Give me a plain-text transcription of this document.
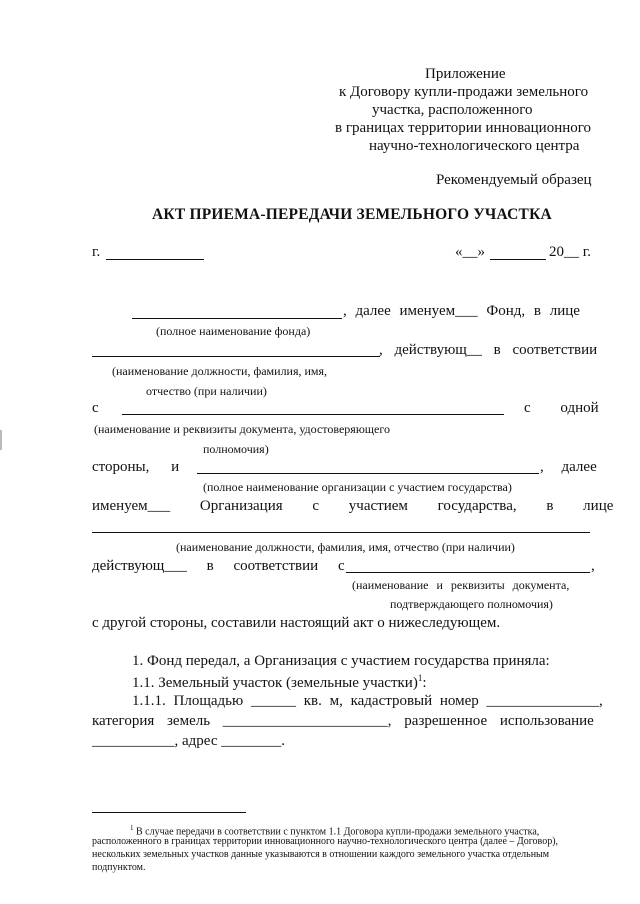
Приложение
к Договору купли-продажи земельного
участка, расположенного
в границах территории инновационного
научно-технологического центра
Рекомендуемый образец
АКТ ПРИЕМА-ПЕРЕДАЧИ ЗЕМЕЛЬНОГО УЧАСТКА
г.	«__»	20__ г.
, далее именуем___ Фонд, в лице
(полное наименование фонда)
, действующ__ в соответствии
(наименование должности, фамилия, имя,
отчество (при наличии)
с	с одной
(наименование и реквизиты документа, удостоверяющего
полномочия)
стороны, и	, далее
(полное наименование организации с участием государства)
именуем___ Организация с участием государства, в лице
(наименование должности, фамилия, имя, отчество (при наличии)
действующ___ в соответствии с	,
(наименование и реквизиты документа,
подтверждающего полномочия)
с другой стороны, составили настоящий акт о нижеследующем.
1. Фонд передал, а Организация с участием государства приняла:
1.1. Земельный участок (земельные участки)$^1$:
1.1.1. Площадью ______ кв. м, кадастровый номер _______________,
категория земель ______________________, разрешенное использование
___________, адрес ________.
$^1$ В случае передачи в соответствии с пунктом 1.1 Договора купли-продажи земельного участка,
расположенного в границах территории инновационного научно-технологического центра (далее – Договор),
нескольких земельных участков данные указываются в отношении каждого земельного участка отдельным
подпунктом.
